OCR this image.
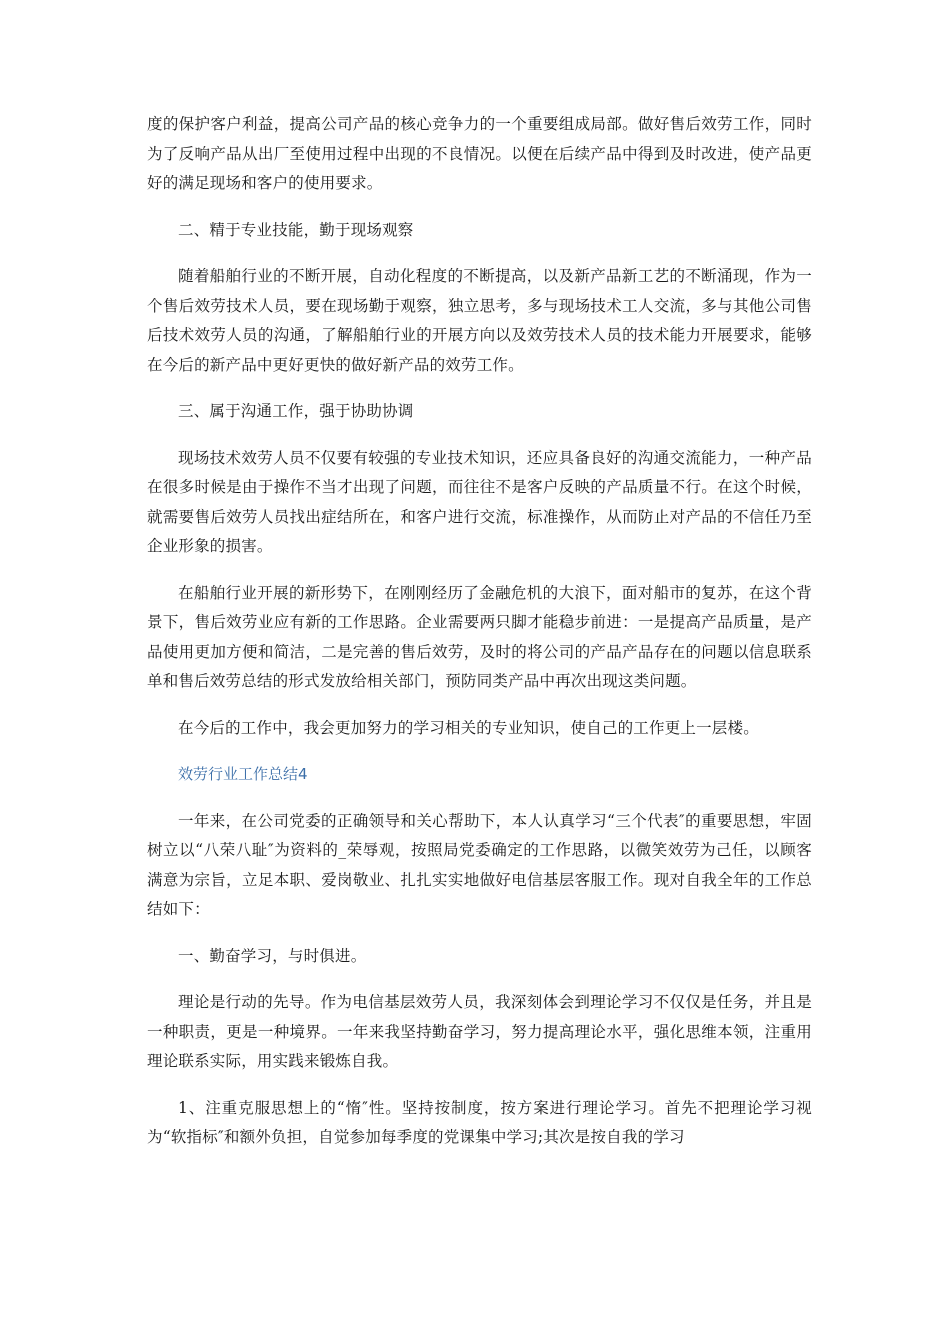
度的保护客户利益，提高公司产品的核心竞争力的一个重要组成局部。做好售后效劳工作，同时为了反响产品从出厂至使用过程中出现的不良情况。以便在后续产品中得到及时改进，使产品更好的满足现场和客户的使用要求。

二、精于专业技能，勤于现场观察

随着船舶行业的不断开展，自动化程度的不断提高，以及新产品新工艺的不断涌现，作为一个售后效劳技术人员，要在现场勤于观察，独立思考，多与现场技术工人交流，多与其他公司售后技术效劳人员的沟通，了解船舶行业的开展方向以及效劳技术人员的技术能力开展要求，能够在今后的新产品中更好更快的做好新产品的效劳工作。

三、属于沟通工作，强于协助协调

现场技术效劳人员不仅要有较强的专业技术知识，还应具备良好的沟通交流能力，一种产品在很多时候是由于操作不当才出现了问题，而往往不是客户反映的产品质量不行。在这个时候，就需要售后效劳人员找出症结所在，和客户进行交流，标准操作，从而防止对产品的不信任乃至企业形象的损害。

在船舶行业开展的新形势下，在刚刚经历了金融危机的大浪下，面对船市的复苏，在这个背景下，售后效劳业应有新的工作思路。企业需要两只脚才能稳步前进：一是提高产品质量，是产品使用更加方便和简洁，二是完善的售后效劳，及时的将公司的产品产品存在的问题以信息联系单和售后效劳总结的形式发放给相关部门，预防同类产品中再次出现这类问题。

在今后的工作中，我会更加努力的学习相关的专业知识，使自己的工作更上一层楼。

效劳行业工作总结4

一年来，在公司党委的正确领导和关心帮助下，本人认真学习“三个代表″的重要思想，牢固树立以“八荣八耻″为资料的_荣辱观，按照局党委确定的工作思路，以微笑效劳为己任，以顾客满意为宗旨，立足本职、爱岗敬业、扎扎实实地做好电信基层客服工作。现对自我全年的工作总结如下：

一、勤奋学习，与时俱进。

理论是行动的先导。作为电信基层效劳人员，我深刻体会到理论学习不仅仅是任务，并且是一种职责，更是一种境界。一年来我坚持勤奋学习，努力提高理论水平，强化思维本领，注重用理论联系实际，用实践来锻炼自我。

1、注重克服思想上的“惰″性。坚持按制度，按方案进行理论学习。首先不把理论学习视为“软指标″和额外负担，自觉参加每季度的党课集中学习;其次是按自我的学习
